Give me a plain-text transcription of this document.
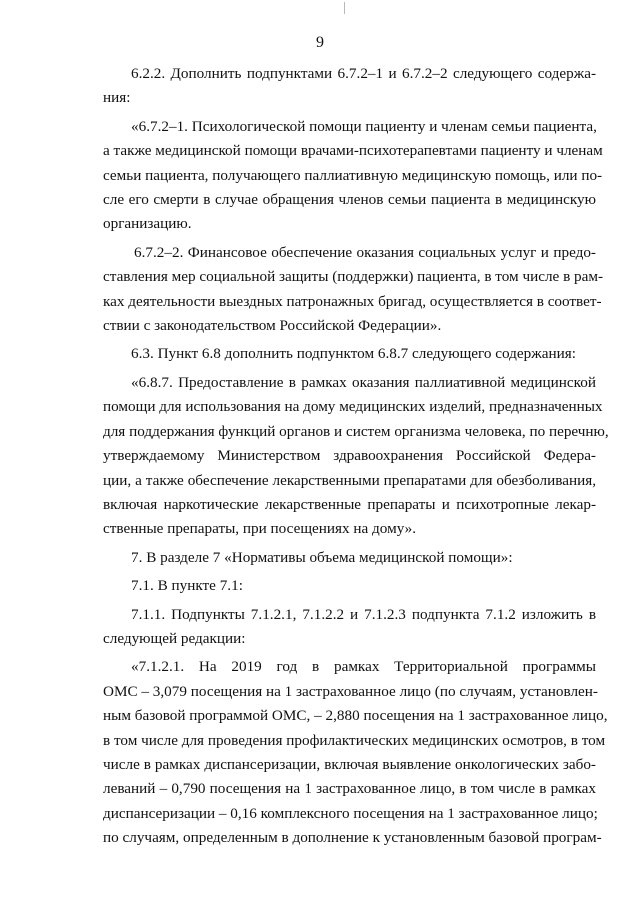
9
6.2.2. Дополнить подпунктами 6.7.2–1 и 6.7.2–2 следующего содержа-
ния:
«6.7.2–1. Психологической помощи пациенту и членам семьи пациента,
а также медицинской помощи врачами-психотерапевтами пациенту и членам
семьи пациента, получающего паллиативную медицинскую помощь, или по-
сле его смерти в случае обращения членов семьи пациента в медицинскую
организацию.
6.7.2–2. Финансовое обеспечение оказания социальных услуг и предо-
ставления мер социальной защиты (поддержки) пациента, в том числе в рам-
ках деятельности выездных патронажных бригад, осуществляется в соответ-
ствии с законодательством Российской Федерации».
6.3. Пункт 6.8 дополнить подпунктом 6.8.7 следующего содержания:
«6.8.7. Предоставление в рамках оказания паллиативной медицинской
помощи для использования на дому медицинских изделий, предназначенных
для поддержания функций органов и систем организма человека, по перечню,
утверждаемому Министерством здравоохранения Российской Федера-
ции, а также обеспечение лекарственными препаратами для обезболивания,
включая наркотические лекарственные препараты и психотропные лекар-
ственные препараты, при посещениях на дому».
7. В разделе 7 «Нормативы объема медицинской помощи»:
7.1. В пункте 7.1:
7.1.1. Подпункты 7.1.2.1, 7.1.2.2 и 7.1.2.3 подпункта 7.1.2 изложить в
следующей редакции:
«7.1.2.1. На 2019 год в рамках Территориальной программы
ОМС – 3,079 посещения на 1 застрахованное лицо (по случаям, установлен-
ным базовой программой ОМС, – 2,880 посещения на 1 застрахованное лицо,
в том числе для проведения профилактических медицинских осмотров, в том
числе в рамках диспансеризации, включая выявление онкологических забо-
леваний – 0,790 посещения на 1 застрахованное лицо, в том числе в рамках
диспансеризации – 0,16 комплексного посещения на 1 застрахованное лицо;
по случаям, определенным в дополнение к установленным базовой програм-
